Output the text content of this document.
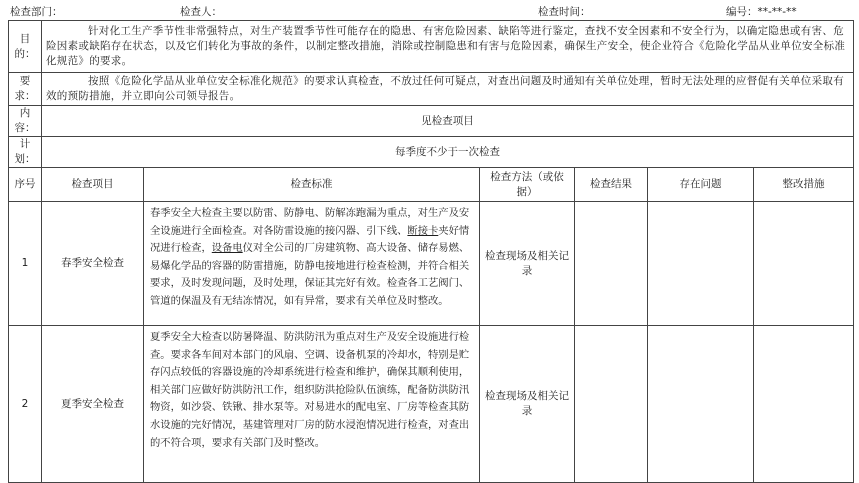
检查部门：	检查人：	检查时间：	编号：**-**-**
目的：	针对化工生产季节性非常强特点，对生产装置季节性可能存在的隐患、有害危险因素、缺陷等进行鉴定，查找不安全因素和不安全行为，以确定隐患或有害、危险因素或缺陷存在状态，以及它们转化为事故的条件，以制定整改措施，消除或控制隐患和有害与危险因素，确保生产安全，使企业符合《危险化学品从业单位安全标准化规范》的要求。					
要求：	按照《危险化学品从业单位安全标准化规范》的要求认真检查，不放过任何可疑点，对查出问题及时通知有关单位处理，暂时无法处理的应督促有关单位采取有效的预防措施，并立即向公司领导报告。					
内容：	见检查项目					
计划：	每季度不少于一次检查					
序号	检查项目	检查标准	检查方法（或依据）	检查结果	存在问题	整改措施
1	春季安全检查	春季安全大检查主要以防雷、防静电、防解冻跑漏为重点，对生产及安全设施进行全面检查。对各防雷设施的接闪器、引下线、断接卡夹好情况进行检查，设备电仪对全公司的厂房建筑物、高大设备、储存易燃、易爆化学品的容器的防雷措施，防静电接地进行检查检测，并符合相关要求，及时发现问题，及时处理，保证其完好有效。检查各工艺阀门、管道的保温及有无结冻情况，如有异常，要求有关单位及时整改。	检查现场及相关记录			
2	夏季安全检查	夏季安全大检查以防暑降温、防洪防汛为重点对生产及安全设施进行检查。要求各车间对本部门的风扇、空调、设备机泵的冷却水，特别是贮存闪点较低的容器设施的冷却系统进行检查和维护，确保其顺利使用，相关部门应做好防洪防汛工作，组织防洪抢险队伍演练，配备防洪防汛物资，如沙袋、铁锹、排水泵等。对易进水的配电室、厂房等检查其防水设施的完好情况，基建管理对厂房的防水浸泡情况进行检查，对查出的不符合项，要求有关部门及时整改。	检查现场及相关记录			
